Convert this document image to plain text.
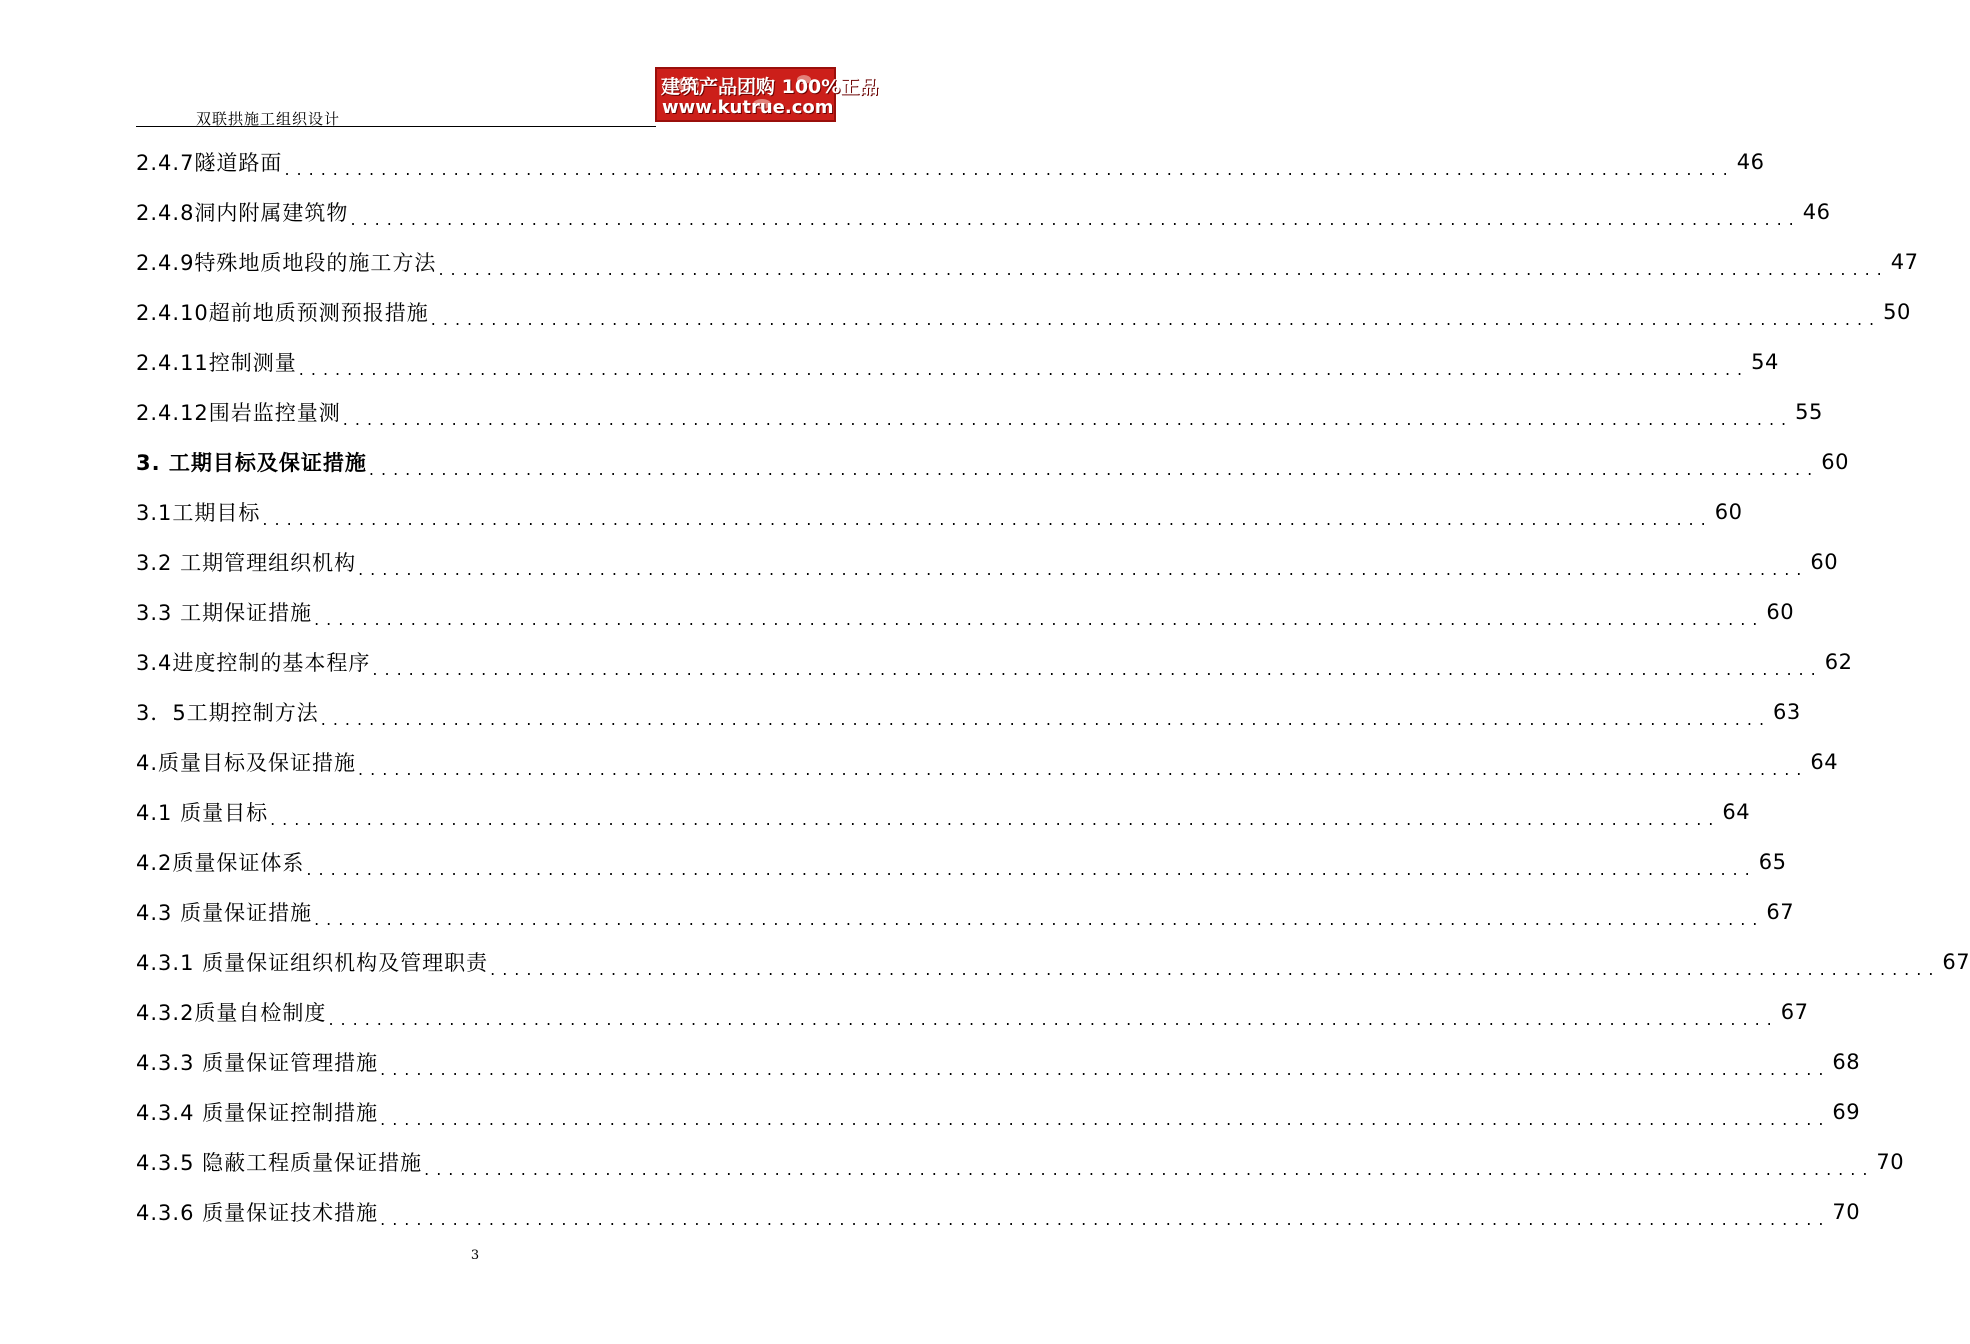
双联拱施工组织设计
建筑产品团购 100%正品
www.kutrue.com
2.4.7隧道路面 ........................................................................................................................ 46
2.4.8洞内附属建筑物 ........................................................................................................................ 46
2.4.9特殊地质地段的施工方法 ........................................................................................................................ 47
2.4.10超前地质预测预报措施 ........................................................................................................................ 50
2.4.11控制测量 ........................................................................................................................ 54
2.4.12围岩监控量测 ........................................................................................................................ 55
3. 工期目标及保证措施 ........................................................................................................................ 60
3.1工期目标 ........................................................................................................................ 60
3.2 工期管理组织机构 ........................................................................................................................ 60
3.3 工期保证措施 ........................................................................................................................ 60
3.4进度控制的基本程序 ........................................................................................................................ 62
3．5工期控制方法 ........................................................................................................................ 63
4.质量目标及保证措施 ........................................................................................................................ 64
4.1 质量目标 ........................................................................................................................ 64
4.2质量保证体系 ........................................................................................................................ 65
4.3 质量保证措施 ........................................................................................................................ 67
4.3.1 质量保证组织机构及管理职责 ........................................................................................................................ 67
4.3.2质量自检制度 ........................................................................................................................ 67
4.3.3 质量保证管理措施 ........................................................................................................................ 68
4.3.4 质量保证控制措施 ........................................................................................................................ 69
4.3.5 隐蔽工程质量保证措施 ........................................................................................................................ 70
4.3.6 质量保证技术措施 ........................................................................................................................ 70
3
